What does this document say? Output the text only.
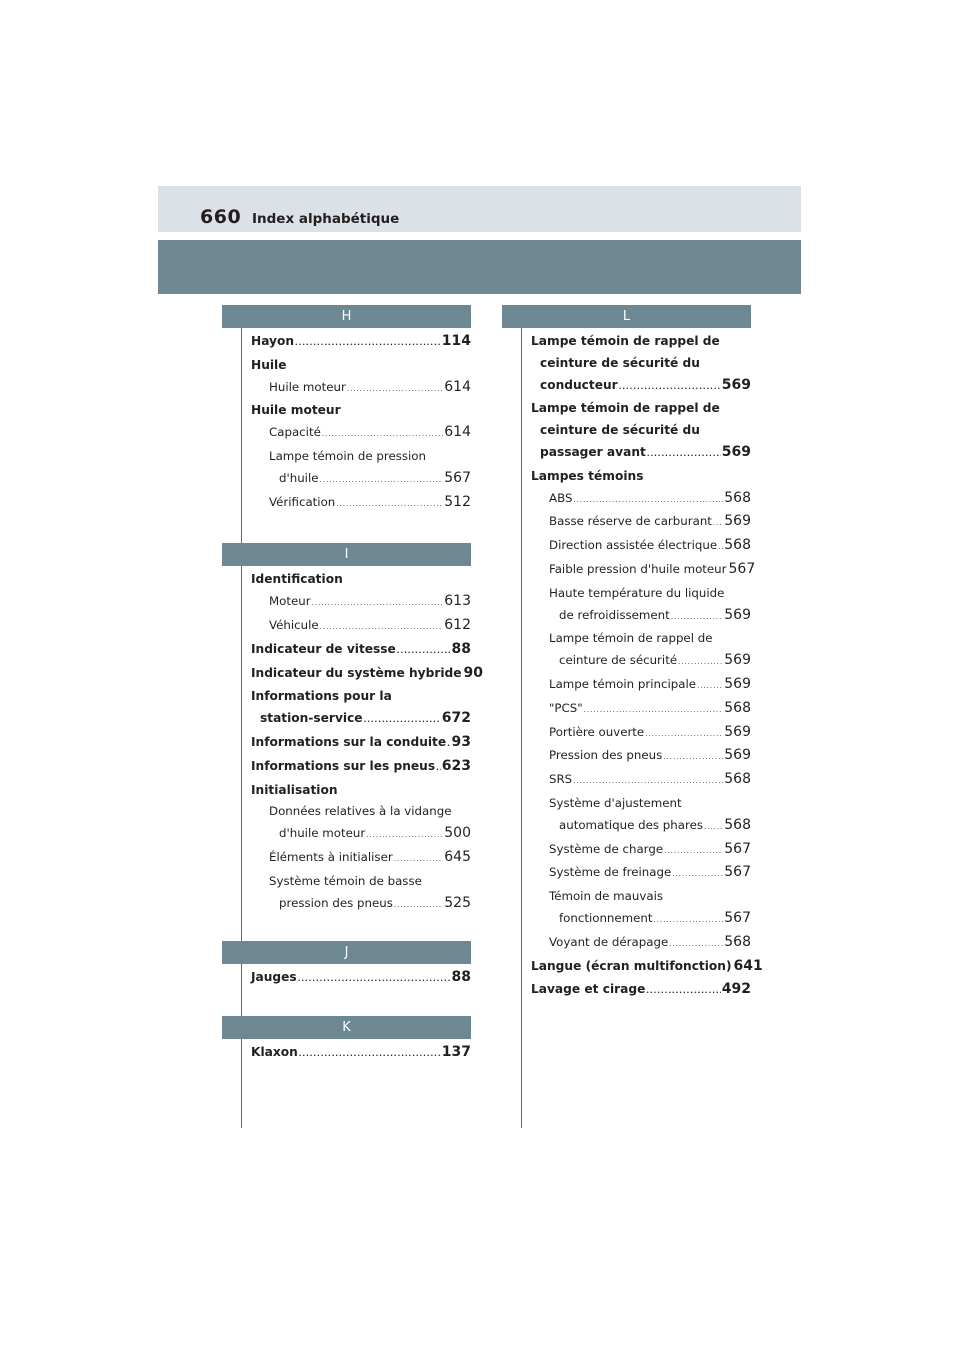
660 Index alphabétique
H
Hayon .....	114
Huile
Huile moteur .....	614
Huile moteur
Capacité .....	614
Lampe témoin de pression
d'huile .....	567
Vérification .....	512
I
Identification
Moteur .....	613
Véhicule .....	612
Indicateur de vitesse .....	88
Indicateur du système hybride 90
Informations pour la
station-service .....	672
Informations sur la conduite ..... 93
Informations sur les pneus ..... 623
Initialisation
Données relatives à la vidange
d'huile moteur .....	500
Éléments à initialiser .....	645
Système témoin de basse
pression des pneus .....	525
J
Jauges .....	88
K
Klaxon .....	137
L
Lampe témoin de rappel de
ceinture de sécurité du
conducteur .....	569
Lampe témoin de rappel de
ceinture de sécurité du
passager avant .....	569
Lampes témoins
ABS .....	568
Basse réserve de carburant ..... 569
Direction assistée électrique ..... 568
Faible pression d'huile moteur 567
Haute température du liquide
de refroidissement .....	569
Lampe témoin de rappel de
ceinture de sécurité .....	569
Lampe témoin principale ..... 569
"PCS" .....	568
Portière ouverte .....	569
Pression des pneus .....	569
SRS .....	568
Système d'ajustement
automatique des phares ..... 568
Système de charge .....	567
Système de freinage .....	567
Témoin de mauvais
fonctionnement .....	567
Voyant de dérapage .....	568
Langue (écran multifonction) 641
Lavage et cirage .....	492
